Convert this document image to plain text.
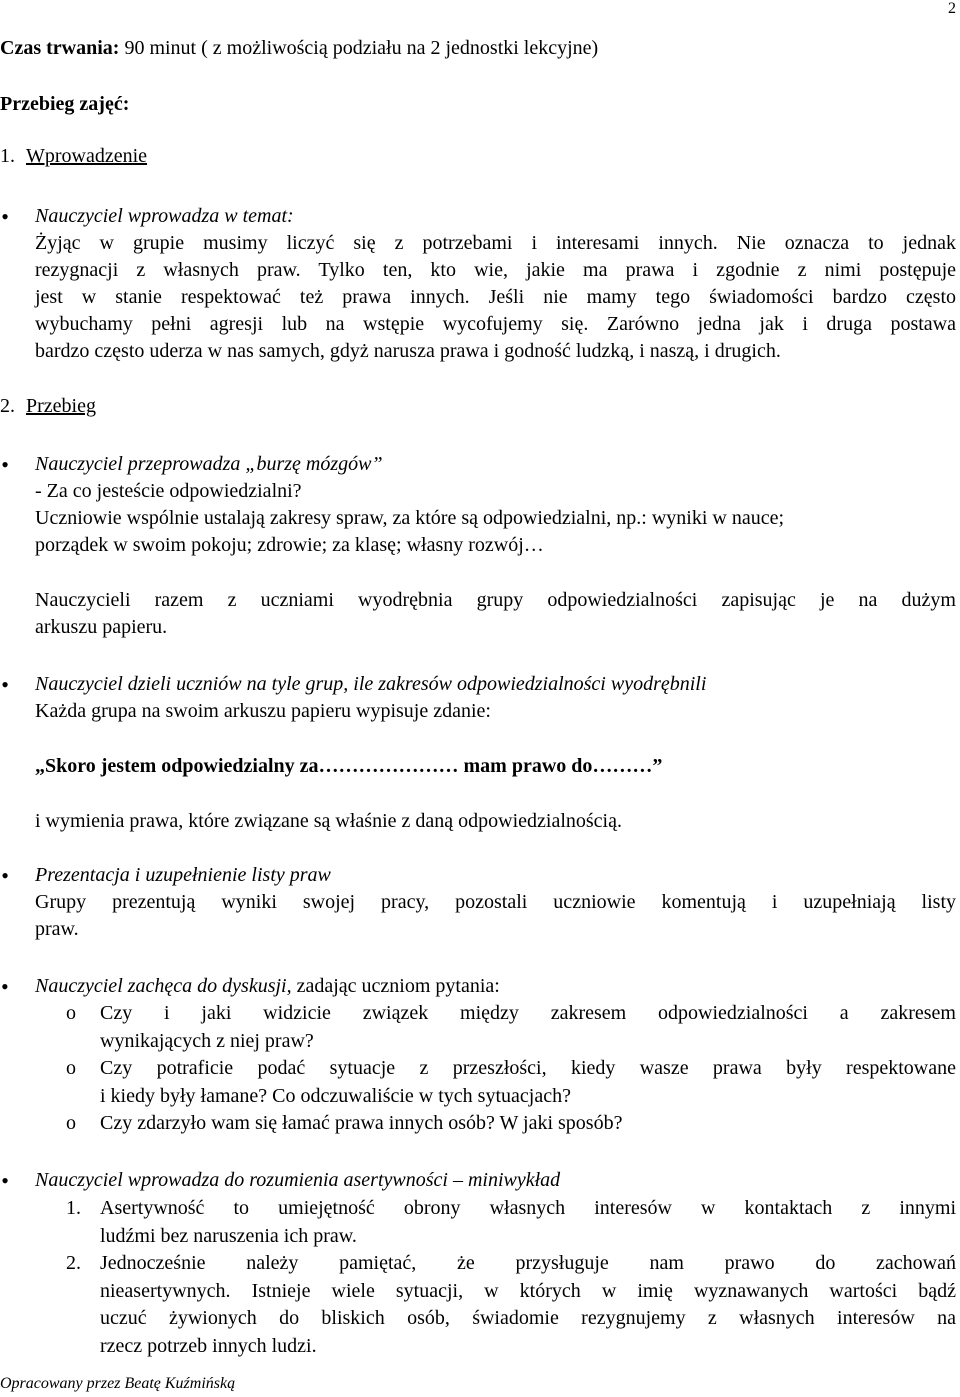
2
Czas trwania: 90 minut ( z możliwością podziału na 2 jednostki lekcyjne)
Przebieg zajęć:
1. Wprowadzenie
• Nauczyciel wprowadza w temat:
Żyjąc w grupie musimy liczyć się z potrzebami i interesami innych. Nie oznacza to jednak
rezygnacji z własnych praw. Tylko ten, kto wie, jakie ma prawa i zgodnie z nimi postępuje
jest w stanie respektować też prawa innych. Jeśli nie mamy tego świadomości bardzo często
wybuchamy pełni agresji lub na wstępie wycofujemy się. Zarówno jedna jak i druga postawa
bardzo często uderza w nas samych, gdyż narusza prawa i godność ludzką, i naszą, i drugich.
2. Przebieg
• Nauczyciel przeprowadza „burzę mózgów”
- Za co jesteście odpowiedzialni?
Uczniowie wspólnie ustalają zakresy spraw, za które są odpowiedzialni, np.: wyniki w nauce;
porządek w swoim pokoju; zdrowie; za klasę; własny rozwój…
Nauczycieli razem z uczniami wyodrębnia grupy odpowiedzialności zapisując je na dużym
arkuszu papieru.
• Nauczyciel dzieli uczniów na tyle grup, ile zakresów odpowiedzialności wyodrębnili
Każda grupa na swoim arkuszu papieru wypisuje zdanie:
„Skoro jestem odpowiedzialny za………………… mam prawo do………”
i wymienia prawa, które związane są właśnie z daną odpowiedzialnością.
• Prezentacja i uzupełnienie listy praw
Grupy prezentują wyniki swojej pracy, pozostali uczniowie komentują i uzupełniają listy
praw.
• Nauczyciel zachęca do dyskusji, zadając uczniom pytania:
o Czy i jaki widzicie związek między zakresem odpowiedzialności a zakresem
wynikających z niej praw?
o Czy potraficie podać sytuacje z przeszłości, kiedy wasze prawa były respektowane
i kiedy były łamane? Co odczuwaliście w tych sytuacjach?
o Czy zdarzyło wam się łamać prawa innych osób? W jaki sposób?
• Nauczyciel wprowadza do rozumienia asertywności – miniwykład
1. Asertywność to umiejętność obrony własnych interesów w kontaktach z innymi
ludźmi bez naruszenia ich praw.
2. Jednocześnie należy pamiętać, że przysługuje nam prawo do zachowań
nieasertywnych. Istnieje wiele sytuacji, w których w imię wyznawanych wartości bądź
uczuć żywionych do bliskich osób, świadomie rezygnujemy z własnych interesów na
rzecz potrzeb innych ludzi.
Opracowany przez Beatę Kuźmińską
